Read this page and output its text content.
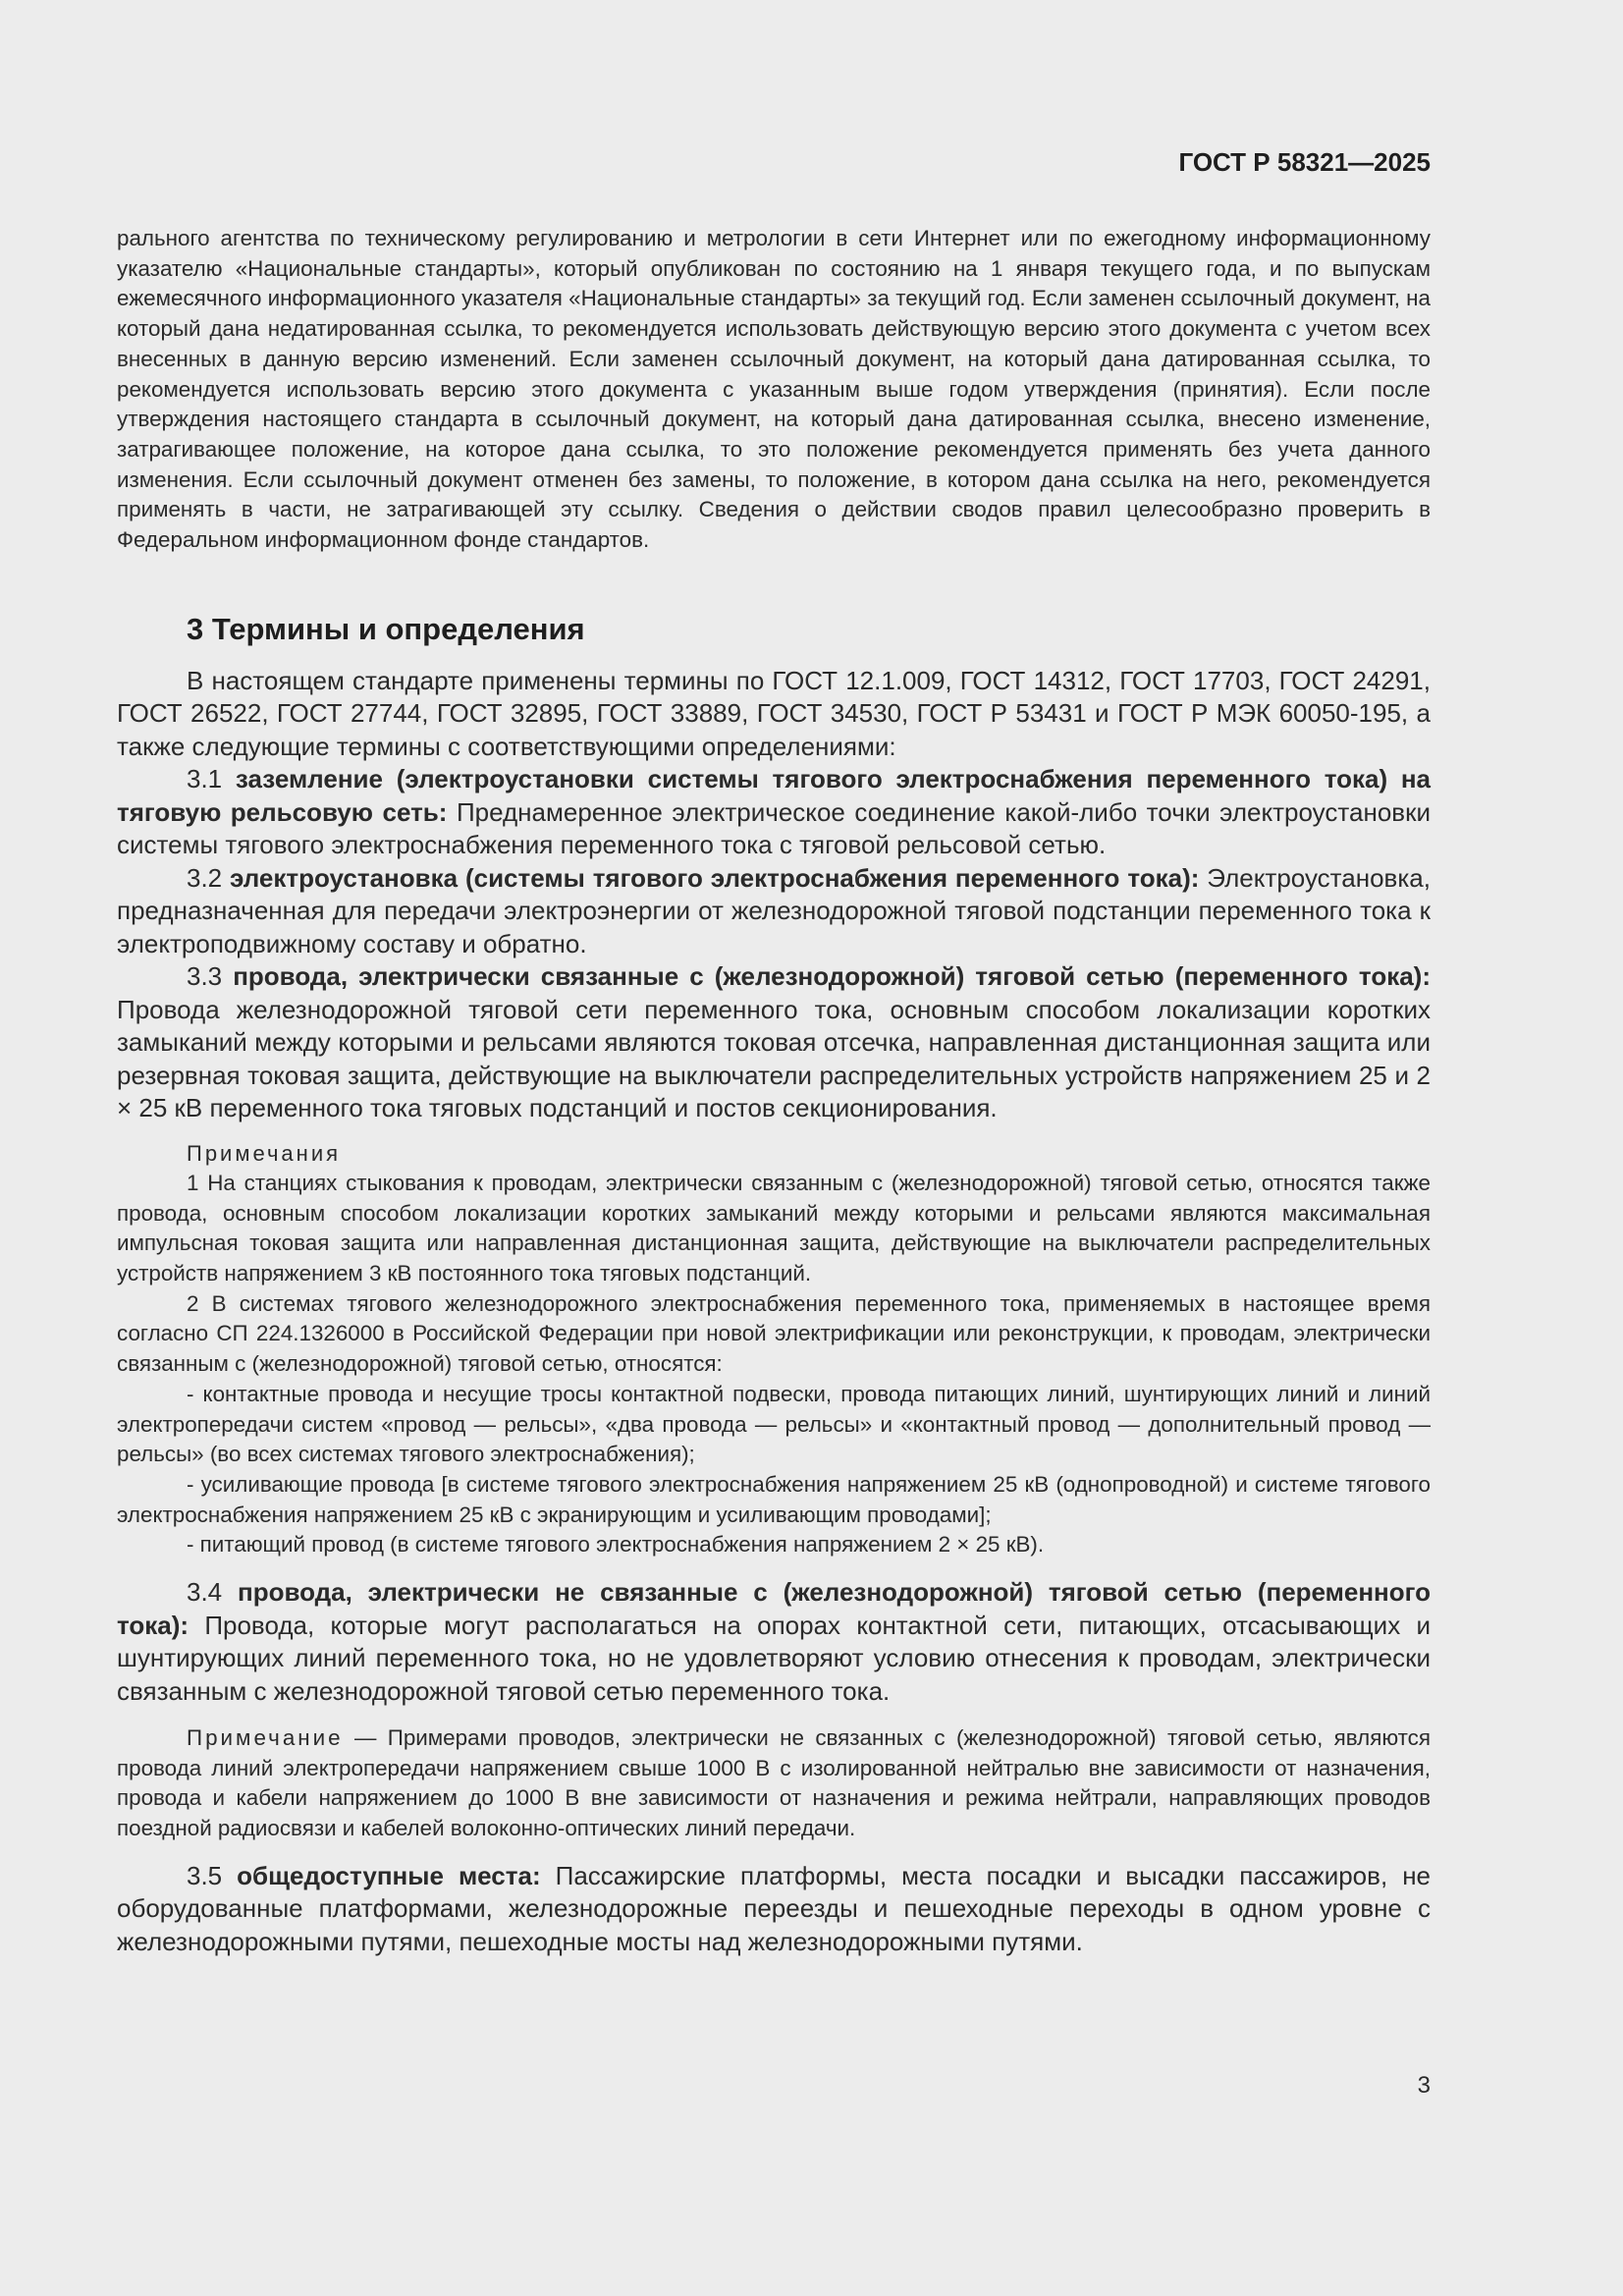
ГОСТ Р 58321—2025

рального агентства по техническому регулированию и метрологии в сети Интернет или по ежегодному информационному указателю «Национальные стандарты», который опубликован по состоянию на 1 января текущего года, и по выпускам ежемесячного информационного указателя «Национальные стандарты» за текущий год. Если заменен ссылочный документ, на который дана недатированная ссылка, то рекомендуется использовать действующую версию этого документа с учетом всех внесенных в данную версию изменений. Если заменен ссылочный документ, на который дана датированная ссылка, то рекомендуется использовать версию этого документа с указанным выше годом утверждения (принятия). Если после утверждения настоящего стандарта в ссылочный документ, на который дана датированная ссылка, внесено изменение, затрагивающее положение, на которое дана ссылка, то это положение рекомендуется применять без учета данного изменения. Если ссылочный документ отменен без замены, то положение, в котором дана ссылка на него, рекомендуется применять в части, не затрагивающей эту ссылку. Сведения о действии сводов правил целесообразно проверить в Федеральном информационном фонде стандартов.

3 Термины и определения

В настоящем стандарте применены термины по ГОСТ 12.1.009, ГОСТ 14312, ГОСТ 17703, ГОСТ 24291, ГОСТ 26522, ГОСТ 27744, ГОСТ 32895, ГОСТ 33889, ГОСТ 34530, ГОСТ Р 53431 и ГОСТ Р МЭК 60050-195, а также следующие термины с соответствующими определениями:

3.1 заземление (электроустановки системы тягового электроснабжения переменного тока) на тяговую рельсовую сеть: Преднамеренное электрическое соединение какой-либо точки электроустановки системы тягового электроснабжения переменного тока с тяговой рельсовой сетью.

3.2 электроустановка (системы тягового электроснабжения переменного тока): Электроустановка, предназначенная для передачи электроэнергии от железнодорожной тяговой подстанции переменного тока к электроподвижному составу и обратно.

3.3 провода, электрически связанные с (железнодорожной) тяговой сетью (переменного тока): Провода железнодорожной тяговой сети переменного тока, основным способом локализации коротких замыканий между которыми и рельсами являются токовая отсечка, направленная дистанционная защита или резервная токовая защита, действующие на выключатели распределительных устройств напряжением 25 и 2 × 25 кВ переменного тока тяговых подстанций и постов секционирования.

Примечания

1 На станциях стыкования к проводам, электрически связанным с (железнодорожной) тяговой сетью, относятся также провода, основным способом локализации коротких замыканий между которыми и рельсами являются максимальная импульсная токовая защита или направленная дистанционная защита, действующие на выключатели распределительных устройств напряжением 3 кВ постоянного тока тяговых подстанций.

2 В системах тягового железнодорожного электроснабжения переменного тока, применяемых в настоящее время согласно СП 224.1326000 в Российской Федерации при новой электрификации или реконструкции, к проводам, электрически связанным с (железнодорожной) тяговой сетью, относятся:

- контактные провода и несущие тросы контактной подвески, провода питающих линий, шунтирующих линий и линий электропередачи систем «провод — рельсы», «два провода — рельсы» и «контактный провод — дополнительный провод — рельсы» (во всех системах тягового электроснабжения);

- усиливающие провода [в системе тягового электроснабжения напряжением 25 кВ (однопроводной) и системе тягового электроснабжения напряжением 25 кВ с экранирующим и усиливающим проводами];

- питающий провод (в системе тягового электроснабжения напряжением 2 × 25 кВ).

3.4 провода, электрически не связанные с (железнодорожной) тяговой сетью (переменного тока): Провода, которые могут располагаться на опорах контактной сети, питающих, отсасывающих и шунтирующих линий переменного тока, но не удовлетворяют условию отнесения к проводам, электрически связанным с железнодорожной тяговой сетью переменного тока.

Примечание — Примерами проводов, электрически не связанных с (железнодорожной) тяговой сетью, являются провода линий электропередачи напряжением свыше 1000 В с изолированной нейтралью вне зависимости от назначения, провода и кабели напряжением до 1000 В вне зависимости от назначения и режима нейтрали, направляющих проводов поездной радиосвязи и кабелей волоконно-оптических линий передачи.

3.5 общедоступные места: Пассажирские платформы, места посадки и высадки пассажиров, не оборудованные платформами, железнодорожные переезды и пешеходные переходы в одном уровне с железнодорожными путями, пешеходные мосты над железнодорожными путями.

3
